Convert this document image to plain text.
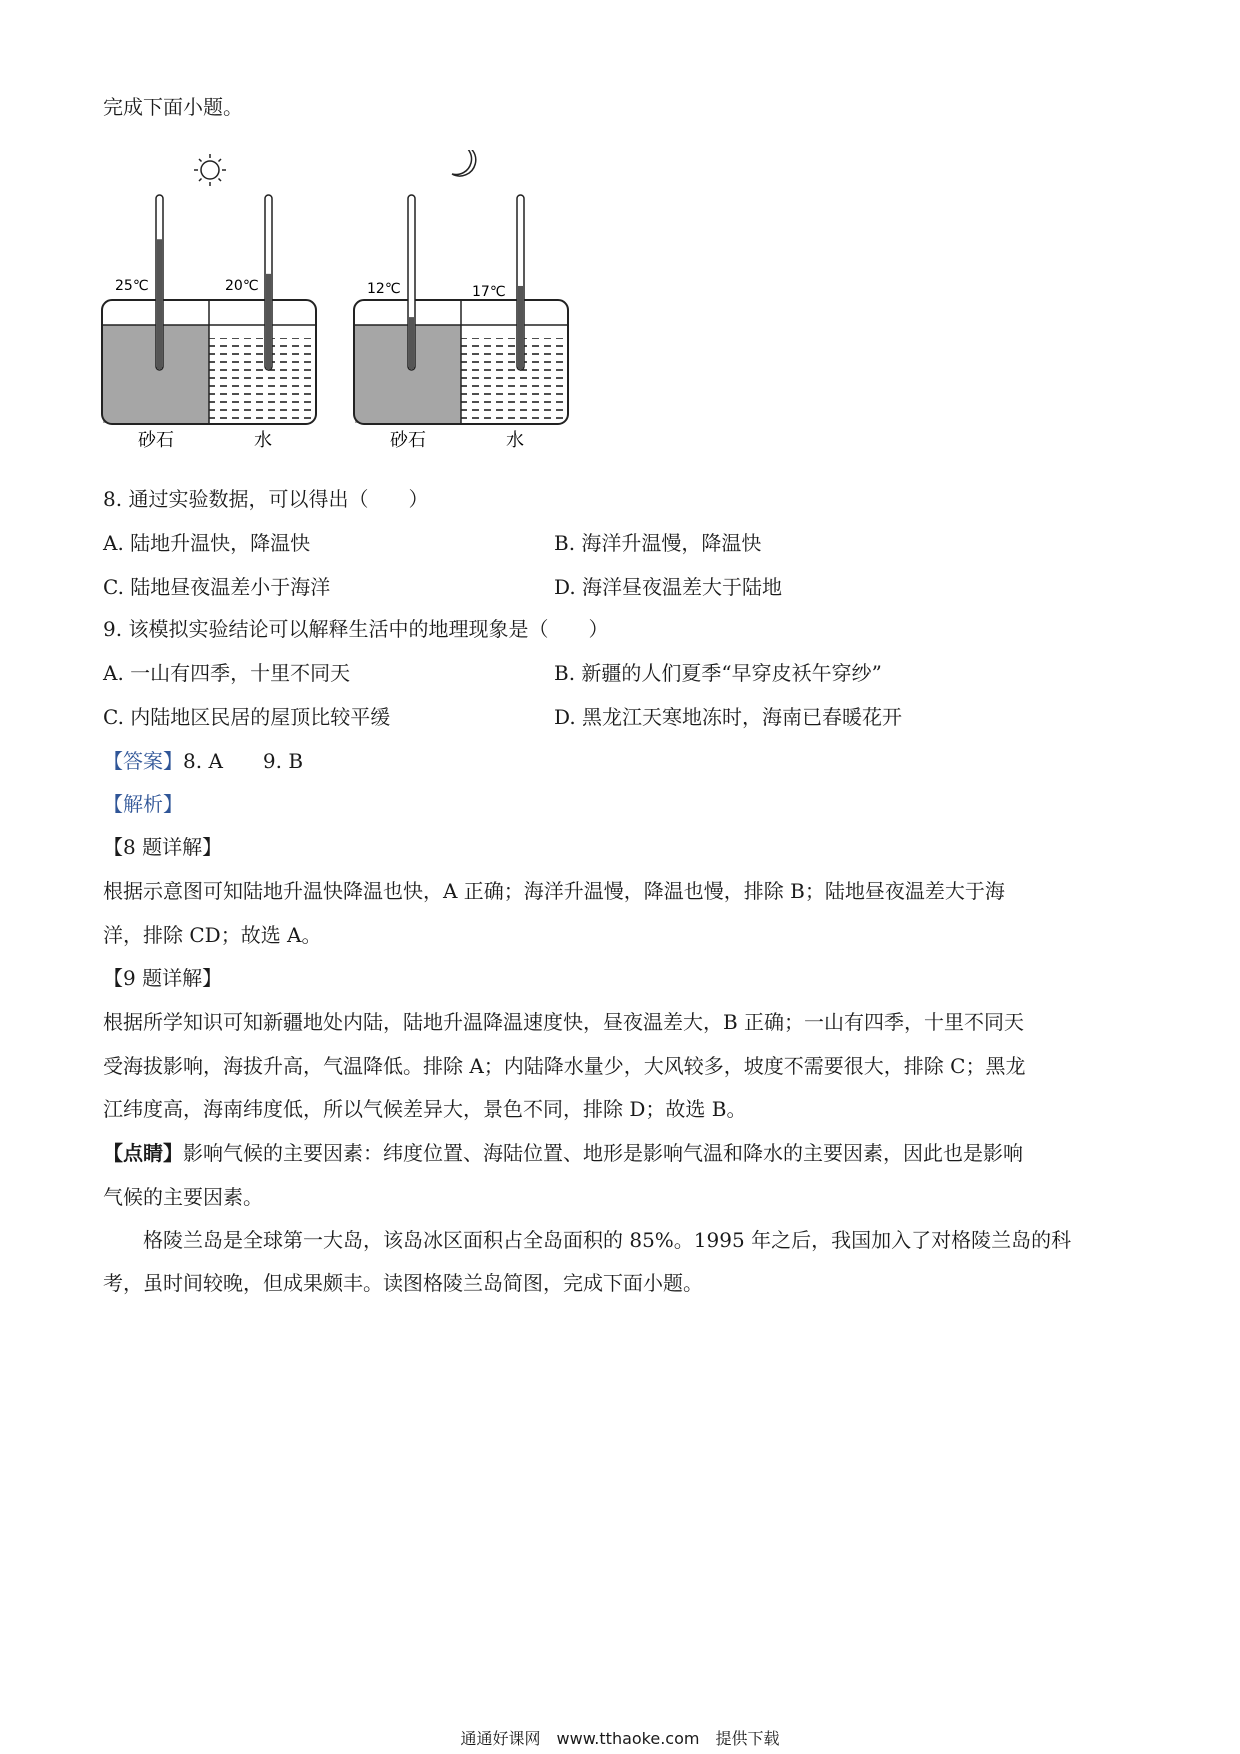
完成下面小题。
25℃	20℃
砂石	水
12℃	17℃
砂石	水
8. 通过实验数据，可以得出（　　）
A. 陆地升温快，降温快	B. 海洋升温慢，降温快
C. 陆地昼夜温差小于海洋	D. 海洋昼夜温差大于陆地
9. 该模拟实验结论可以解释生活中的地理现象是（　　）
A. 一山有四季，十里不同天	B. 新疆的人们夏季“早穿皮袄午穿纱”
C. 内陆地区民居的屋顶比较平缓	D. 黑龙江天寒地冻时，海南已春暖花开
【答案】8. A　　9. B
【解析】
【8 题详解】
根据示意图可知陆地升温快降温也快，A 正确；海洋升温慢，降温也慢，排除 B；陆地昼夜温差大于海
洋，排除 CD；故选 A。
【9 题详解】
根据所学知识可知新疆地处内陆，陆地升温降温速度快，昼夜温差大，B 正确；一山有四季，十里不同天
受海拔影响，海拔升高，气温降低。排除 A；内陆降水量少，大风较多，坡度不需要很大，排除 C；黑龙
江纬度高，海南纬度低，所以气候差异大，景色不同，排除 D；故选 B。
【点睛】影响气候的主要因素：纬度位置、海陆位置、地形是影响气温和降水的主要因素，因此也是影响
气候的主要因素。
格陵兰岛是全球第一大岛，该岛冰区面积占全岛面积的 85%。1995 年之后，我国加入了对格陵兰岛的科
考，虽时间较晚，但成果颇丰。读图格陵兰岛简图，完成下面小题。
通通好课网　www.tthaoke.com　提供下载
